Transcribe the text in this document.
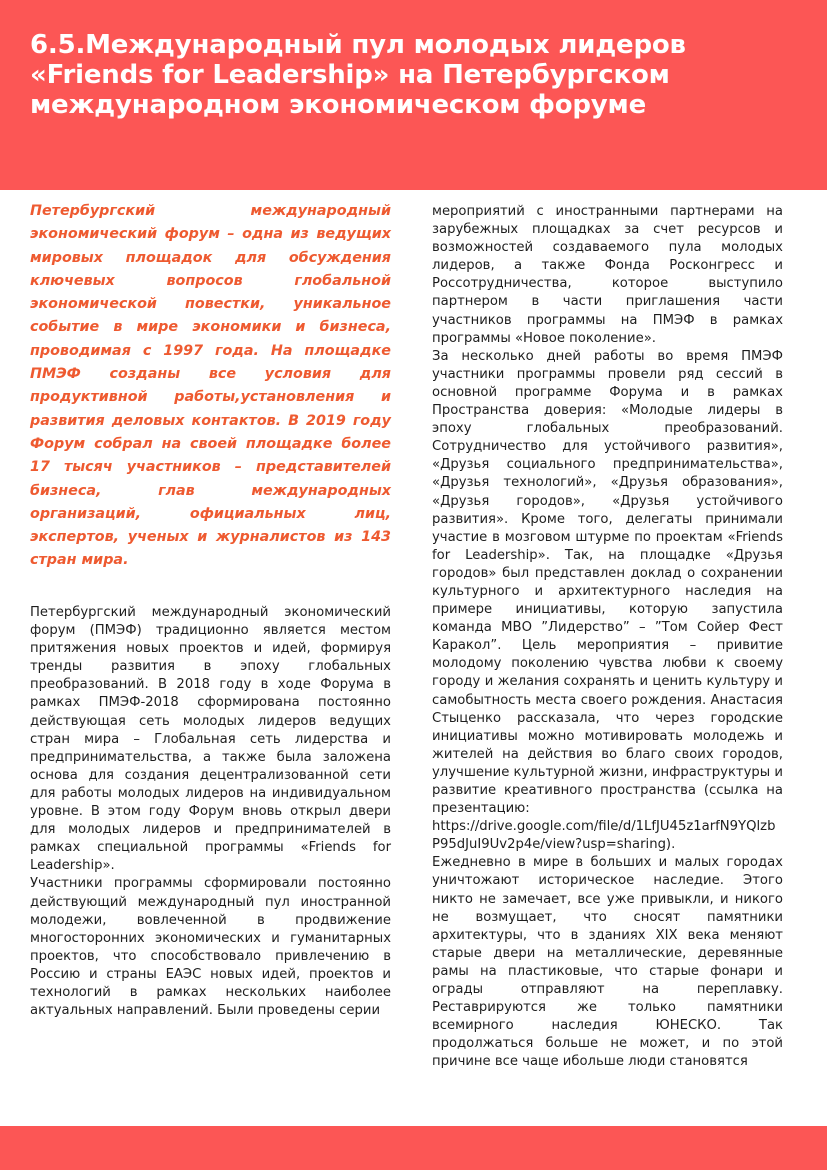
6.5.Международный пул молодых лидеров «Friends for Leadership» на Петербургском международном экономическом форуме

Петербургский международный экономический форум – одна из ведущих мировых площадок для обсуждения ключевых вопросов глобальной экономической повестки, уникальное событие в мире экономики и бизнеса, проводимая с 1997 года. На площадке ПМЭФ созданы все условия для продуктивной работы,установления и развития деловых контактов. В 2019 году Форум собрал на своей площадке более 17 тысяч участников – представителей бизнеса, глав международных организаций, официальных лиц, экспертов, ученых и журналистов из 143 стран мира.

Петербургский международный экономический форум (ПМЭФ) традиционно является местом притяжения новых проектов и идей, формируя тренды развития в эпоху глобальных преобразований. В 2018 году в ходе Форума в рамках ПМЭФ-2018 сформирована постоянно действующая сеть молодых лидеров ведущих стран мира – Глобальная сеть лидерства и предпринимательства, а также была заложена основа для создания децентрализованной сети для работы молодых лидеров на индивидуальном уровне. В этом году Форум вновь открыл двери для молодых лидеров и предпринимателей в рамках специальной программы «Friends for Leadership».

Участники программы сформировали постоянно действующий международный пул иностранной молодежи, вовлеченной в продвижение многосторонних экономических и гуманитарных проектов, что способствовало привлечению в Россию и страны ЕАЭС новых идей, проектов и технологий в рамках нескольких наиболее актуальных направлений. Были проведены серии

мероприятий с иностранными партнерами на зарубежных площадках за счет ресурсов и возможностей создаваемого пула молодых лидеров, а также Фонда Росконгресс и Россотрудничества, которое выступило партнером в части приглашения части участников программы на ПМЭФ в рамках программы «Новое поколение».

За несколько дней работы во время ПМЭФ участники программы провели ряд сессий в основной программе Форума и в рамках Пространства доверия: «Молодые лидеры в эпоху глобальных преобразований. Сотрудничество для устойчивого развития», «Друзья социального предпринимательства», «Друзья технологий», «Друзья образования», «Друзья городов», «Друзья устойчивого развития». Кроме того, делегаты принимали участие в мозговом штурме по проектам «Friends for Leadership». Так, на площадке «Друзья городов» был представлен доклад о сохранении культурного и архитектурного наследия на примере инициативы, которую запустила команда МВО ”Лидерство” – ”Том Сойер Фест Каракол”. Цель мероприятия – привитие молодому поколению чувства любви к своему городу и желания сохранять и ценить культуру и самобытность места своего рождения. Анастасия Стыценко рассказала, что через городские инициативы можно мотивировать молодежь и жителей на действия во благо своих городов, улучшение культурной жизни, инфраструктуры и развитие креативного пространства (ссылка на презентацию: https://drive.google.com/file/d/1LfJU45z1arfN9YQlzbP95dJuI9Uv2p4e/view?usp=sharing).

Ежедневно в мире в больших и малых городах уничтожают историческое наследие. Этого никто не замечает, все уже привыкли, и никого не возмущает, что сносят памятники архитектуры, что в зданиях XIX века меняют старые двери на металлические, деревянные рамы на пластиковые, что старые фонари и ограды отправляют на переплавку. Реставрируются же только памятники всемирного наследия ЮНЕСКО. Так продолжаться больше не может, и по этой причине все чаще ибольше люди становятся
